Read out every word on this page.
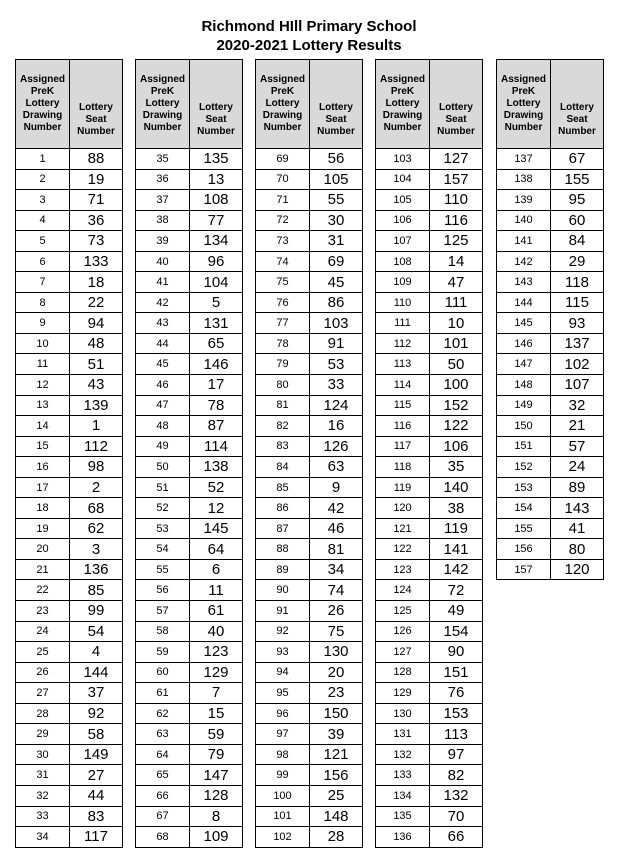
Richmond HIll Primary School
2020-2021 Lottery Results
Assigned PreK Lottery Drawing Number	Lottery Seat Number
1	88
2	19
3	71
4	36
5	73
6	133
7	18
8	22
9	94
10	48
11	51
12	43
13	139
14	1
15	112
16	98
17	2
18	68
19	62
20	3
21	136
22	85
23	99
24	54
25	4
26	144
27	37
28	92
29	58
30	149
31	27
32	44
33	83
34	117
Assigned PreK Lottery Drawing Number	Lottery Seat Number
35	135
36	13
37	108
38	77
39	134
40	96
41	104
42	5
43	131
44	65
45	146
46	17
47	78
48	87
49	114
50	138
51	52
52	12
53	145
54	64
55	6
56	11
57	61
58	40
59	123
60	129
61	7
62	15
63	59
64	79
65	147
66	128
67	8
68	109
Assigned PreK Lottery Drawing Number	Lottery Seat Number
69	56
70	105
71	55
72	30
73	31
74	69
75	45
76	86
77	103
78	91
79	53
80	33
81	124
82	16
83	126
84	63
85	9
86	42
87	46
88	81
89	34
90	74
91	26
92	75
93	130
94	20
95	23
96	150
97	39
98	121
99	156
100	25
101	148
102	28
Assigned PreK Lottery Drawing Number	Lottery Seat Number
103	127
104	157
105	110
106	116
107	125
108	14
109	47
110	111
111	10
112	101
113	50
114	100
115	152
116	122
117	106
118	35
119	140
120	38
121	119
122	141
123	142
124	72
125	49
126	154
127	90
128	151
129	76
130	153
131	113
132	97
133	82
134	132
135	70
136	66
Assigned PreK Lottery Drawing Number	Lottery Seat Number
137	67
138	155
139	95
140	60
141	84
142	29
143	118
144	115
145	93
146	137
147	102
148	107
149	32
150	21
151	57
152	24
153	89
154	143
155	41
156	80
157	120
